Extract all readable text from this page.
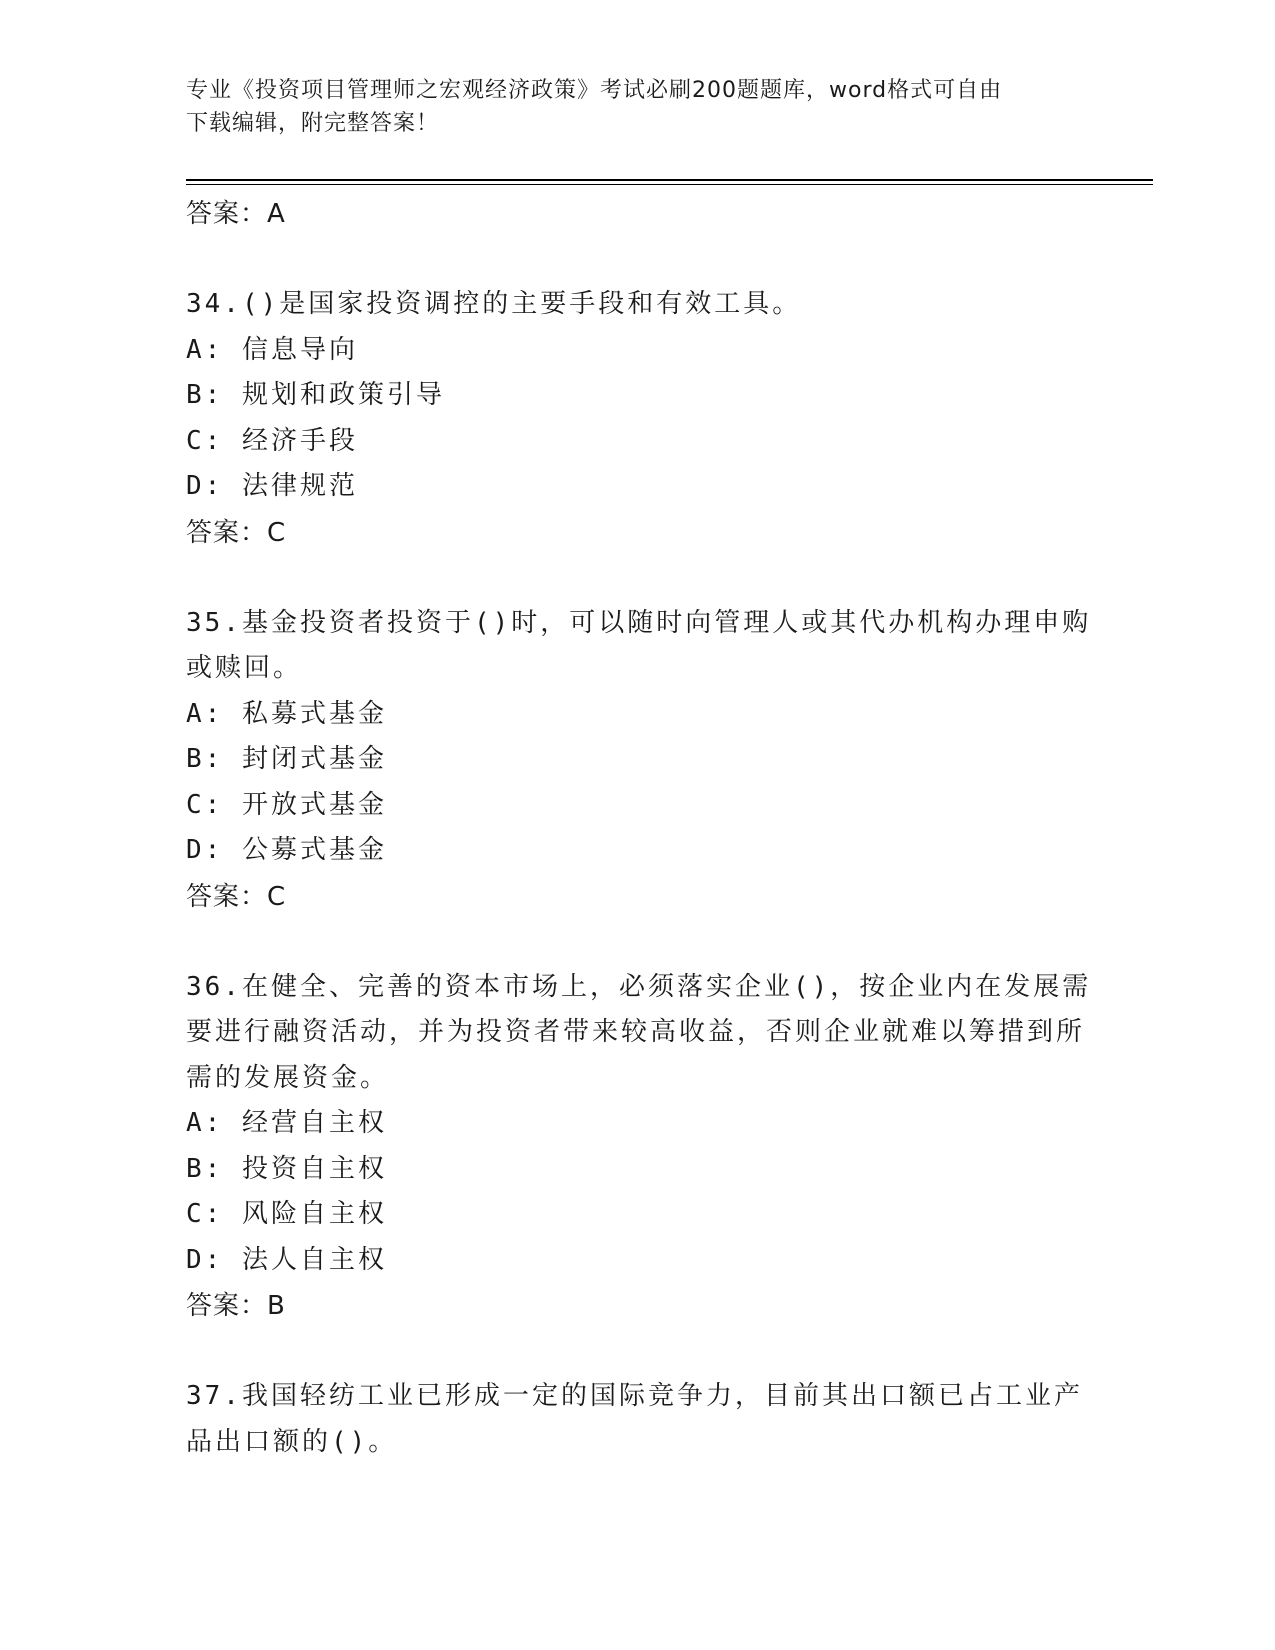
专业《投资项目管理师之宏观经济政策》考试必刷200题题库，word格式可自由
下载编辑，附完整答案！

答案：A

34.()是国家投资调控的主要手段和有效工具。

A: 信息导向

B: 规划和政策引导

C: 经济手段

D: 法律规范

答案：C

35.基金投资者投资于()时，可以随时向管理人或其代办机构办理申购或赎回。

A: 私募式基金

B: 封闭式基金

C: 开放式基金

D: 公募式基金

答案：C

36.在健全、完善的资本市场上，必须落实企业()，按企业内在发展需要进行融资活动，并为投资者带来较高收益，否则企业就难以筹措到所需的发展资金。

A: 经营自主权

B: 投资自主权

C: 风险自主权

D: 法人自主权

答案：B

37.我国轻纺工业已形成一定的国际竞争力，目前其出口额已占工业产品出口额的()。
